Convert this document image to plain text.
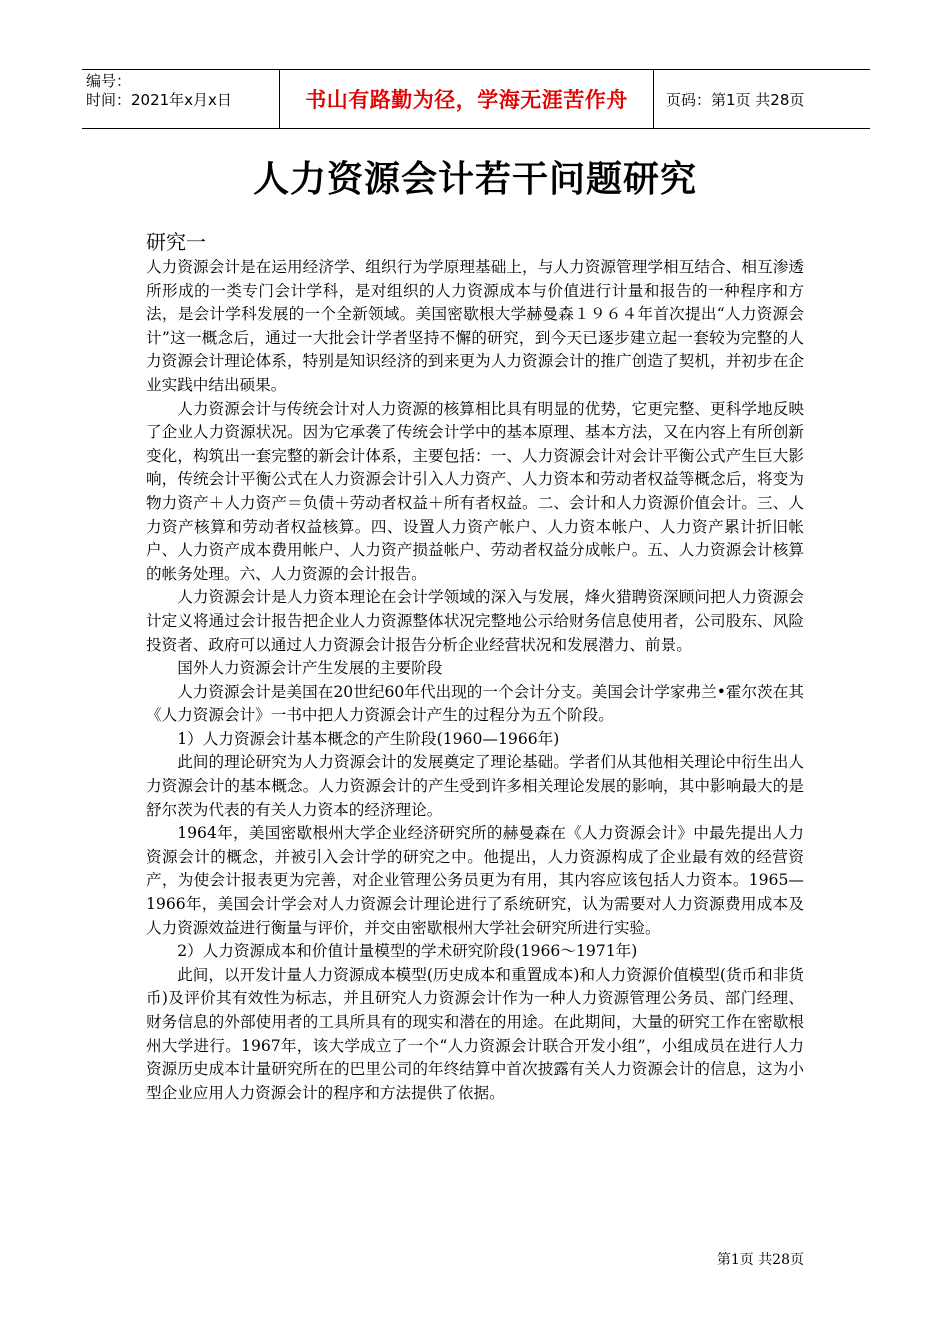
编号：
时间：2021年x月x日	书山有路勤为径，学海无涯苦作舟	页码：第1页 共28页
人力资源会计若干问题研究
研究一

人力资源会计是在运用经济学、组织行为学原理基础上，与人力资源管理学相互结合、相互渗透所形成的一类专门会计学科，是对组织的人力资源成本与价值进行计量和报告的一种程序和方法，是会计学科发展的一个全新领域。美国密歇根大学赫曼森１９６４年首次提出“人力资源会计”这一概念后，通过一大批会计学者坚持不懈的研究，到今天已逐步建立起一套较为完整的人力资源会计理论体系，特别是知识经济的到来更为人力资源会计的推广创造了契机，并初步在企业实践中结出硕果。

人力资源会计与传统会计对人力资源的核算相比具有明显的优势，它更完整、更科学地反映了企业人力资源状况。因为它承袭了传统会计学中的基本原理、基本方法，又在内容上有所创新变化，构筑出一套完整的新会计体系，主要包括：一、人力资源会计对会计平衡公式产生巨大影响，传统会计平衡公式在人力资源会计引入人力资产、人力资本和劳动者权益等概念后，将变为物力资产＋人力资产＝负债＋劳动者权益＋所有者权益。二、会计和人力资源价值会计。三、人力资产核算和劳动者权益核算。四、设置人力资产帐户、人力资本帐户、人力资产累计折旧帐户、人力资产成本费用帐户、人力资产损益帐户、劳动者权益分成帐户。五、人力资源会计核算的帐务处理。六、人力资源的会计报告。

人力资源会计是人力资本理论在会计学领域的深入与发展，烽火猎聘资深顾问把人力资源会计定义将通过会计报告把企业人力资源整体状况完整地公示给财务信息使用者，公司股东、风险投资者、政府可以通过人力资源会计报告分析企业经营状况和发展潜力、前景。

国外人力资源会计产生发展的主要阶段

人力资源会计是美国在20世纪60年代出现的一个会计分支。美国会计学家弗兰•霍尔茨在其《人力资源会计》一书中把人力资源会计产生的过程分为五个阶段。

1）人力资源会计基本概念的产生阶段(1960—1966年)

此间的理论研究为人力资源会计的发展奠定了理论基础。学者们从其他相关理论中衍生出人力资源会计的基本概念。人力资源会计的产生受到许多相关理论发展的影响，其中影响最大的是舒尔茨为代表的有关人力资本的经济理论。

1964年，美国密歇根州大学企业经济研究所的赫曼森在《人力资源会计》中最先提出人力资源会计的概念，并被引入会计学的研究之中。他提出，人力资源构成了企业最有效的经营资产，为使会计报表更为完善，对企业管理公务员更为有用，其内容应该包括人力资本。1965—1966年，美国会计学会对人力资源会计理论进行了系统研究，认为需要对人力资源费用成本及人力资源效益进行衡量与评价，并交由密歇根州大学社会研究所进行实验。

2）人力资源成本和价值计量模型的学术研究阶段(1966～1971年)

此间，以开发计量人力资源成本模型(历史成本和重置成本)和人力资源价值模型(货币和非货币)及评价其有效性为标志，并且研究人力资源会计作为一种人力资源管理公务员、部门经理、财务信息的外部使用者的工具所具有的现实和潜在的用途。在此期间，大量的研究工作在密歇根州大学进行。1967年，该大学成立了一个“人力资源会计联合开发小组”，小组成员在进行人力资源历史成本计量研究所在的巴里公司的年终结算中首次披露有关人力资源会计的信息，这为小型企业应用人力资源会计的程序和方法提供了依据。

第1页 共28页
